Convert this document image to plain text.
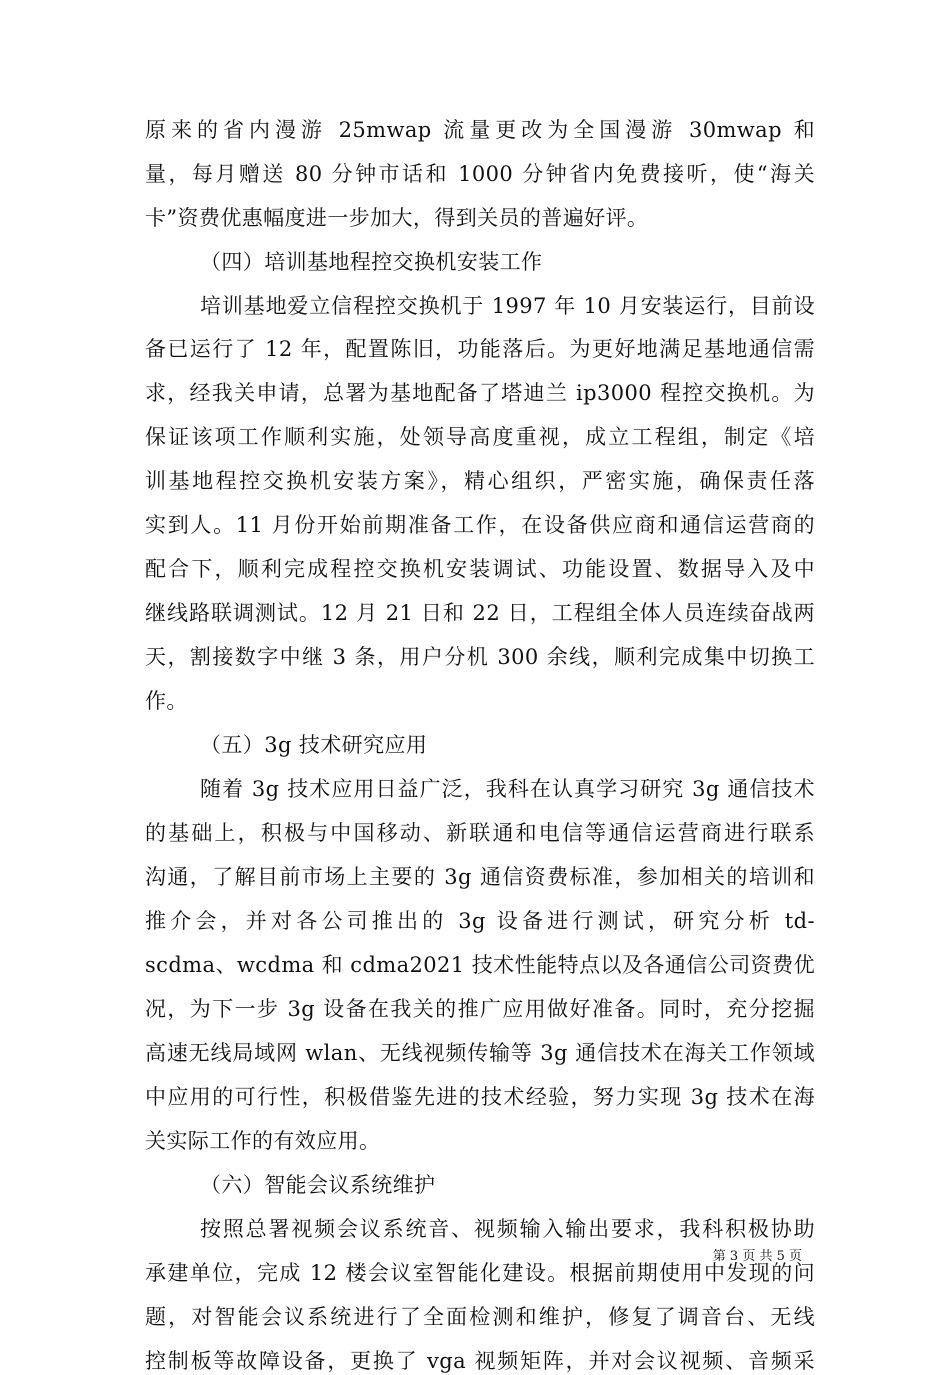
原来的省内漫游 25mwap 流量更改为全国漫游 30mwap 和
量，每月赠送 80 分钟市话和 1000 分钟省内免费接听，使“海关
卡”资费优惠幅度进一步加大，得到关员的普遍好评。
（四）培训基地程控交换机安装工作
培训基地爱立信程控交换机于 1997 年 10 月安装运行，目前设
备已运行了 12 年，配置陈旧，功能落后。为更好地满足基地通信需
求，经我关申请，总署为基地配备了塔迪兰 ip3000 程控交换机。为
保证该项工作顺利实施，处领导高度重视，成立工程组，制定《培
训基地程控交换机安装方案》，精心组织，严密实施，确保责任落
实到人。11 月份开始前期准备工作，在设备供应商和通信运营商的
配合下，顺利完成程控交换机安装调试、功能设置、数据导入及中
继线路联调测试。12 月 21 日和 22 日，工程组全体人员连续奋战两
天，割接数字中继 3 条，用户分机 300 余线，顺利完成集中切换工
作。
（五）3g 技术研究应用
随着 3g 技术应用日益广泛，我科在认真学习研究 3g 通信技术
的基础上，积极与中国移动、新联通和电信等通信运营商进行联系
沟通，了解目前市场上主要的 3g 通信资费标准，参加相关的培训和
推介会，并对各公司推出的 3g 设备进行测试，研究分析 td-
scdma、wcdma 和 cdma2021 技术性能特点以及各通信公司资费优
况，为下一步 3g 设备在我关的推广应用做好准备。同时，充分挖掘
高速无线局域网 wlan、无线视频传输等 3g 通信技术在海关工作领域
中应用的可行性，积极借鉴先进的技术经验，努力实现 3g 技术在海
关实际工作的有效应用。
（六）智能会议系统维护
按照总署视频会议系统音、视频输入输出要求，我科积极协助
承建单位，完成 12 楼会议室智能化建设。根据前期使用中发现的问
题，对智能会议系统进行了全面检测和维护，修复了调音台、无线
控制板等故障设备，更换了 vga 视频矩阵，并对会议视频、音频采
第 3 页 共 5 页
